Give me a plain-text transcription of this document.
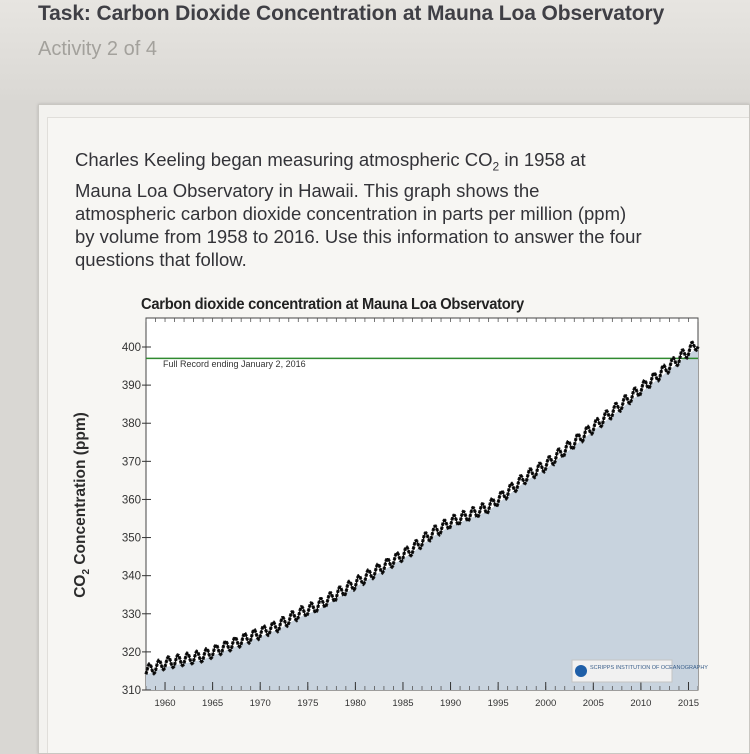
Task: Carbon Dioxide Concentration at Mauna Loa Observatory
Activity 2 of 4
Charles Keeling began measuring atmospheric $CO_2$ in 1958 at
Mauna Loa Observatory in Hawaii. This graph shows the
atmospheric carbon dioxide concentration in parts per million (ppm)
by volume from 1958 to 2016. Use this information to answer the four
questions that follow.
Carbon dioxide concentration at Mauna Loa Observatory
$CO_2$ Concentration (ppm)
310
320
330
340
350
360
370
380
390
400
1960	1965	1970	1975	1980	1985	1990	1995	2000	2005	2010	2015
Full Record ending January 2, 2016
SCRIPPS INSTITUTION OF OCEANOGRAPHY
